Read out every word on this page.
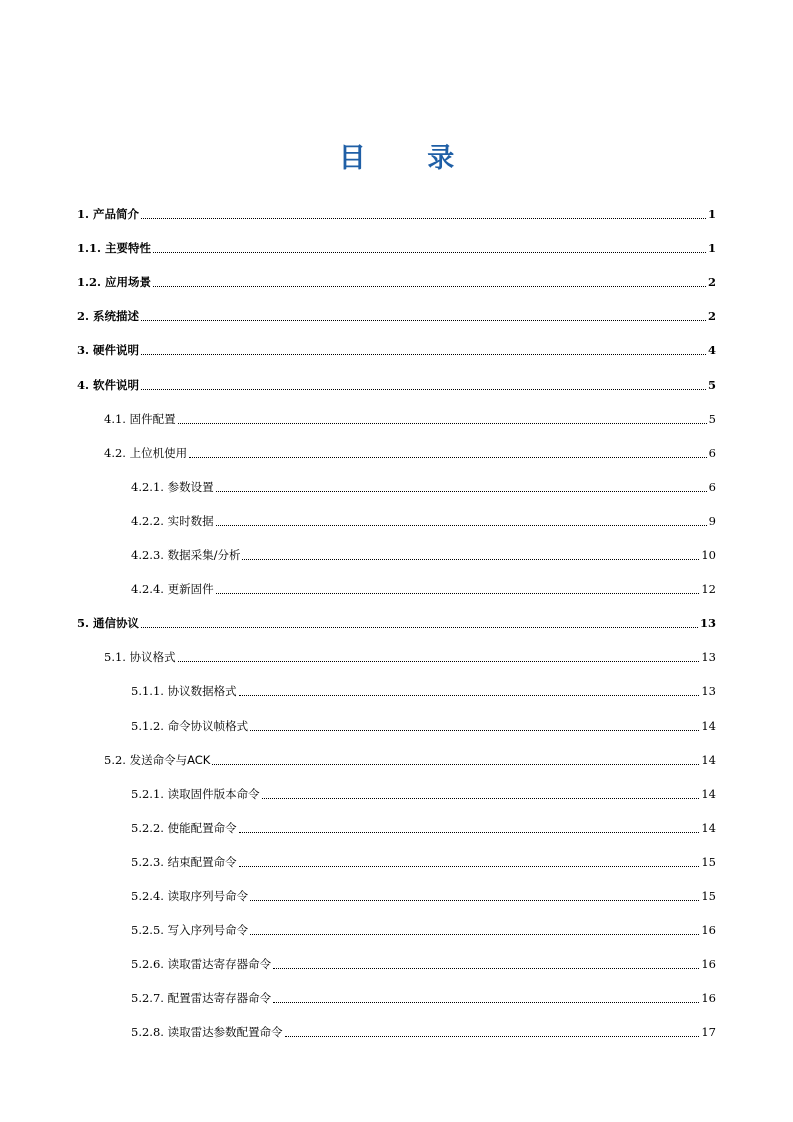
目 录
1. 产品简介	1
1.1. 主要特性	1
1.2. 应用场景	2
2. 系统描述	2
3. 硬件说明	4
4. 软件说明	5
4.1. 固件配置	5
4.2. 上位机使用	6
4.2.1. 参数设置	6
4.2.2. 实时数据	9
4.2.3. 数据采集/分析	10
4.2.4. 更新固件	12
5. 通信协议	13
5.1. 协议格式	13
5.1.1. 协议数据格式	13
5.1.2. 命令协议帧格式	14
5.2. 发送命令与ACK	14
5.2.1. 读取固件版本命令	14
5.2.2. 使能配置命令	14
5.2.3. 结束配置命令	15
5.2.4. 读取序列号命令	15
5.2.5. 写入序列号命令	16
5.2.6. 读取雷达寄存器命令	16
5.2.7. 配置雷达寄存器命令	16
5.2.8. 读取雷达参数配置命令	17
